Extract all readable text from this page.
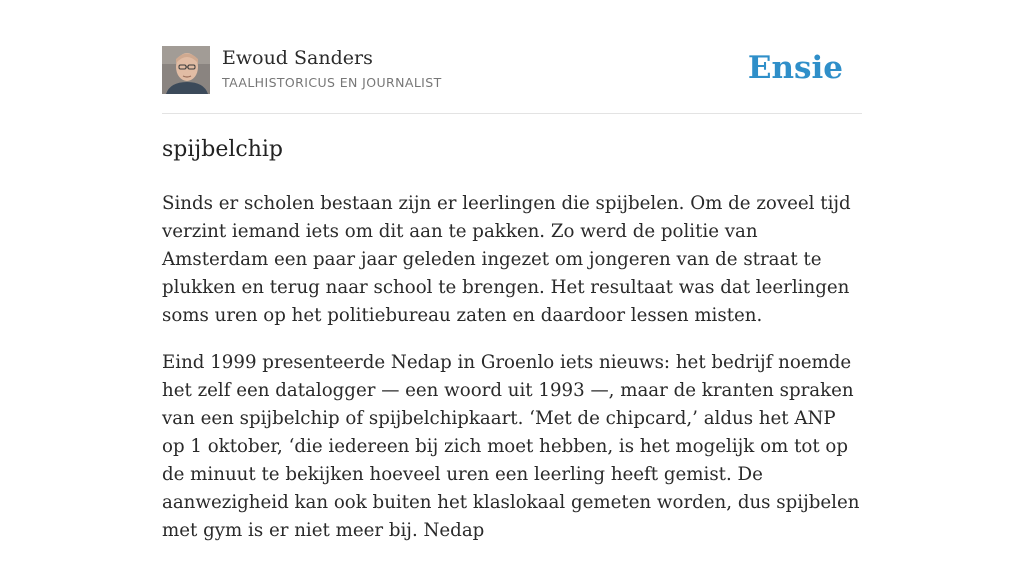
Ewoud Sanders
TAALHISTORICUS EN JOURNALIST	Ensie
spijbelchip

Sinds er scholen bestaan zijn er leerlingen die spijbelen. Om de zoveel tijd verzint iemand iets om dit aan te pakken. Zo werd de politie van Amsterdam een paar jaar geleden ingezet om jongeren van de straat te plukken en terug naar school te brengen. Het resultaat was dat leerlingen soms uren op het politiebureau zaten en daardoor lessen misten.

Eind 1999 presenteerde Nedap in Groenlo iets nieuws: het bedrijf noemde het zelf een datalogger — een woord uit 1993 —, maar de kranten spraken van een spijbelchip of spijbelchipkaart. ‘Met de chipcard,’ aldus het ANP op 1 oktober, ‘die iedereen bij zich moet hebben, is het mogelijk om tot op de minuut te bekijken hoeveel uren een leerling heeft gemist. De aanwezigheid kan ook buiten het klaslokaal gemeten worden, dus spijbelen met gym is er niet meer bij. Nedap
